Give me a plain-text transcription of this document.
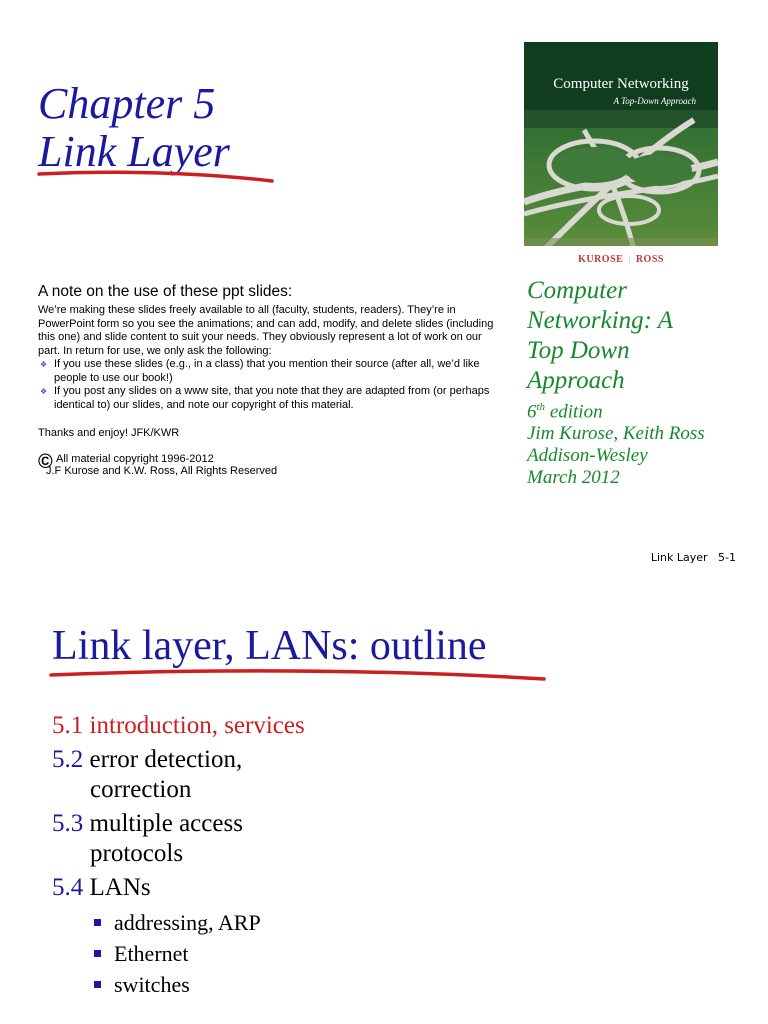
Chapter 5
Link Layer
Computer Networking
A Top-Down Approach
KUROSE | ROSS
Computer
Networking: A
Top Down
Approach
6th edition
Jim Kurose, Keith Ross
Addison-Wesley
March 2012
A note on the use of these ppt slides:

We’re making these slides freely available to all (faculty, students, readers). They’re in PowerPoint form so you see the animations; and can add, modify, and delete slides (including this one) and slide content to suit your needs. They obviously represent a lot of work on our part. In return for use, we only ask the following:

❖ If you use these slides (e.g., in a class) that you mention their source (after all, we’d like people to use our book!)
❖ If you post any slides on a www site, that you note that they are adapted from (or perhaps identical to) our slides, and note our copyright of this material.

Thanks and enjoy! JFK/KWR

© All material copyright 1996-2012
J.F Kurose and K.W. Ross, All Rights Reserved
Link Layer   5-1
Link layer, LANs: outline
5.1 introduction, services
5.2 error detection,
correction
5.3 multiple access
protocols
5.4 LANs
addressing, ARP
Ethernet
switches
